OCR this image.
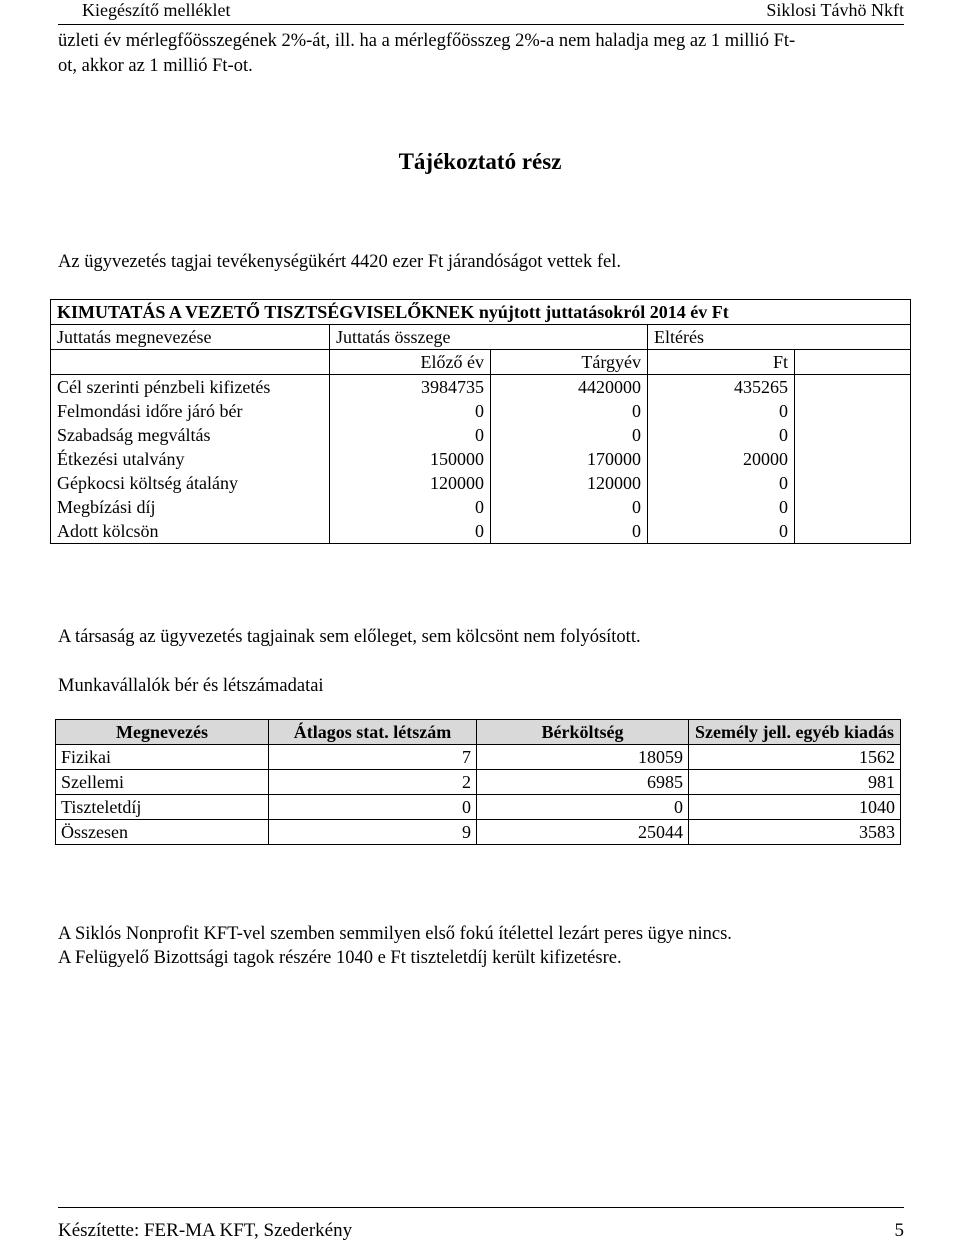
Kiegészítő melléklet	Siklosi Távhö Nkft

üzleti év mérlegfőösszegének 2%-át, ill. ha a mérlegfőösszeg 2%-a nem haladja meg az 1 millió Ft-

ot, akkor az 1 millió Ft-ot.

Tájékoztató rész

Az ügyvezetés tagjai tevékenységükért 4420 ezer Ft járandóságot vettek fel.

KIMUTATÁS A VEZETŐ TISZTSÉGVISELŐKNEK nyújtott juttatásokról 2014 év Ft				
Juttatás megnevezése	Juttatás összege		Eltérés	
	Előző év	Tárgyév	Ft	
Cél szerinti pénzbeli kifizetés	3984735	4420000	435265	
Felmondási időre járó bér	0	0	0	
Szabadság megváltás	0	0	0	
Étkezési utalvány	150000	170000	20000	
Gépkocsi költség átalány	120000	120000	0	
Megbízási díj	0	0	0	
Adott kölcsön	0	0	0	

A társaság az ügyvezetés tagjainak sem előleget, sem kölcsönt nem folyósított.

Munkavállalók bér és létszámadatai

Megnevezés	Átlagos stat. létszám	Bérköltség	Személy jell. egyéb kiadás
Fizikai	7	18059	1562
Szellemi	2	6985	981
Tiszteletdíj	0	0	1040
Összesen	9	25044	3583

A Siklós Nonprofit KFT-vel szemben semmilyen első fokú ítélettel lezárt peres ügye nincs.

A Felügyelő Bizottsági tagok részére 1040 e Ft tiszteletdíj került kifizetésre.

Készítette: FER-MA KFT, Szederkény	5
